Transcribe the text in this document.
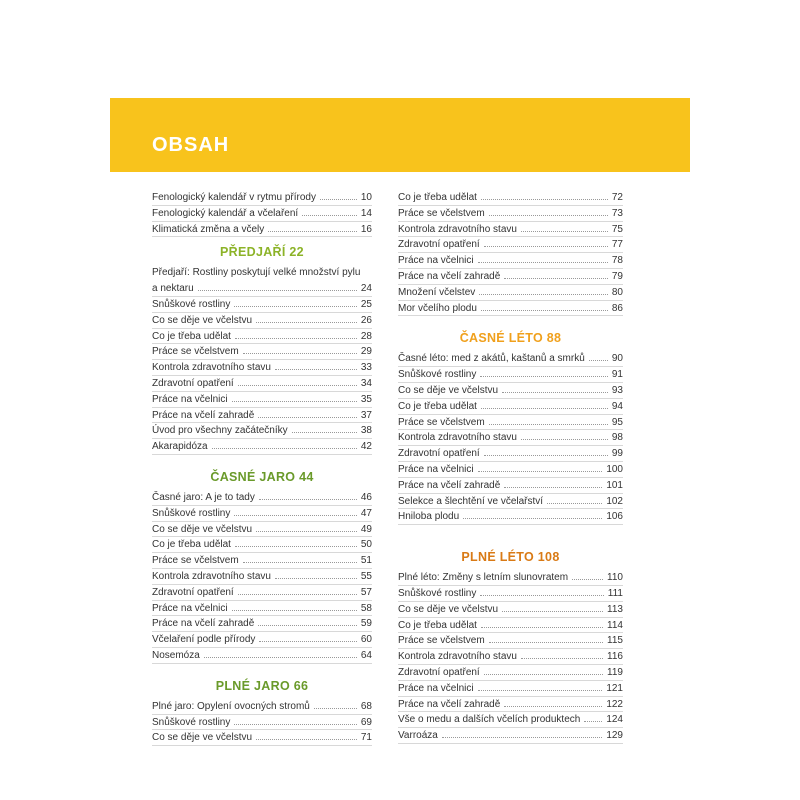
OBSAH
Fenologický kalendář v rytmu přírody	10
Fenologický kalendář a včelaření	14
Klimatická změna a včely	16
PŘEDJAŘÍ 22
Předjaří: Rostliny poskytují velké množství pylu
a nektaru	24
Snůškové rostliny	25
Co se děje ve včelstvu	26
Co je třeba udělat	28
Práce se včelstvem	29
Kontrola zdravotního stavu	33
Zdravotní opatření	34
Práce na včelnici	35
Práce na včelí zahradě	37
Úvod pro všechny začátečníky	38
Akarapidóza	42
ČASNÉ JARO 44
Časné jaro: A je to tady	46
Snůškové rostliny	47
Co se děje ve včelstvu	49
Co je třeba udělat	50
Práce se včelstvem	51
Kontrola zdravotního stavu	55
Zdravotní opatření	57
Práce na včelnici	58
Práce na včelí zahradě	59
Včelaření podle přírody	60
Nosemóza	64
PLNÉ JARO 66
Plné jaro: Opylení ovocných stromů	68
Snůškové rostliny	69
Co se děje ve včelstvu	71
Co je třeba udělat	72
Práce se včelstvem	73
Kontrola zdravotního stavu	75
Zdravotní opatření	77
Práce na včelnici	78
Práce na včelí zahradě	79
Množení včelstev	80
Mor včelího plodu	86
ČASNÉ LÉTO 88
Časné léto: med z akátů, kaštanů a smrků	90
Snůškové rostliny	91
Co se děje ve včelstvu	93
Co je třeba udělat	94
Práce se včelstvem	95
Kontrola zdravotního stavu	98
Zdravotní opatření	99
Práce na včelnici	100
Práce na včelí zahradě	101
Selekce a šlechtění ve včelařství	102
Hniloba plodu	106
PLNÉ LÉTO 108
Plné léto: Změny s letním slunovratem	110
Snůškové rostliny	111
Co se děje ve včelstvu	113
Co je třeba udělat	114
Práce se včelstvem	115
Kontrola zdravotního stavu	116
Zdravotní opatření	119
Práce na včelnici	121
Práce na včelí zahradě	122
Vše o medu a dalších včelích produktech	124
Varroáza	129
